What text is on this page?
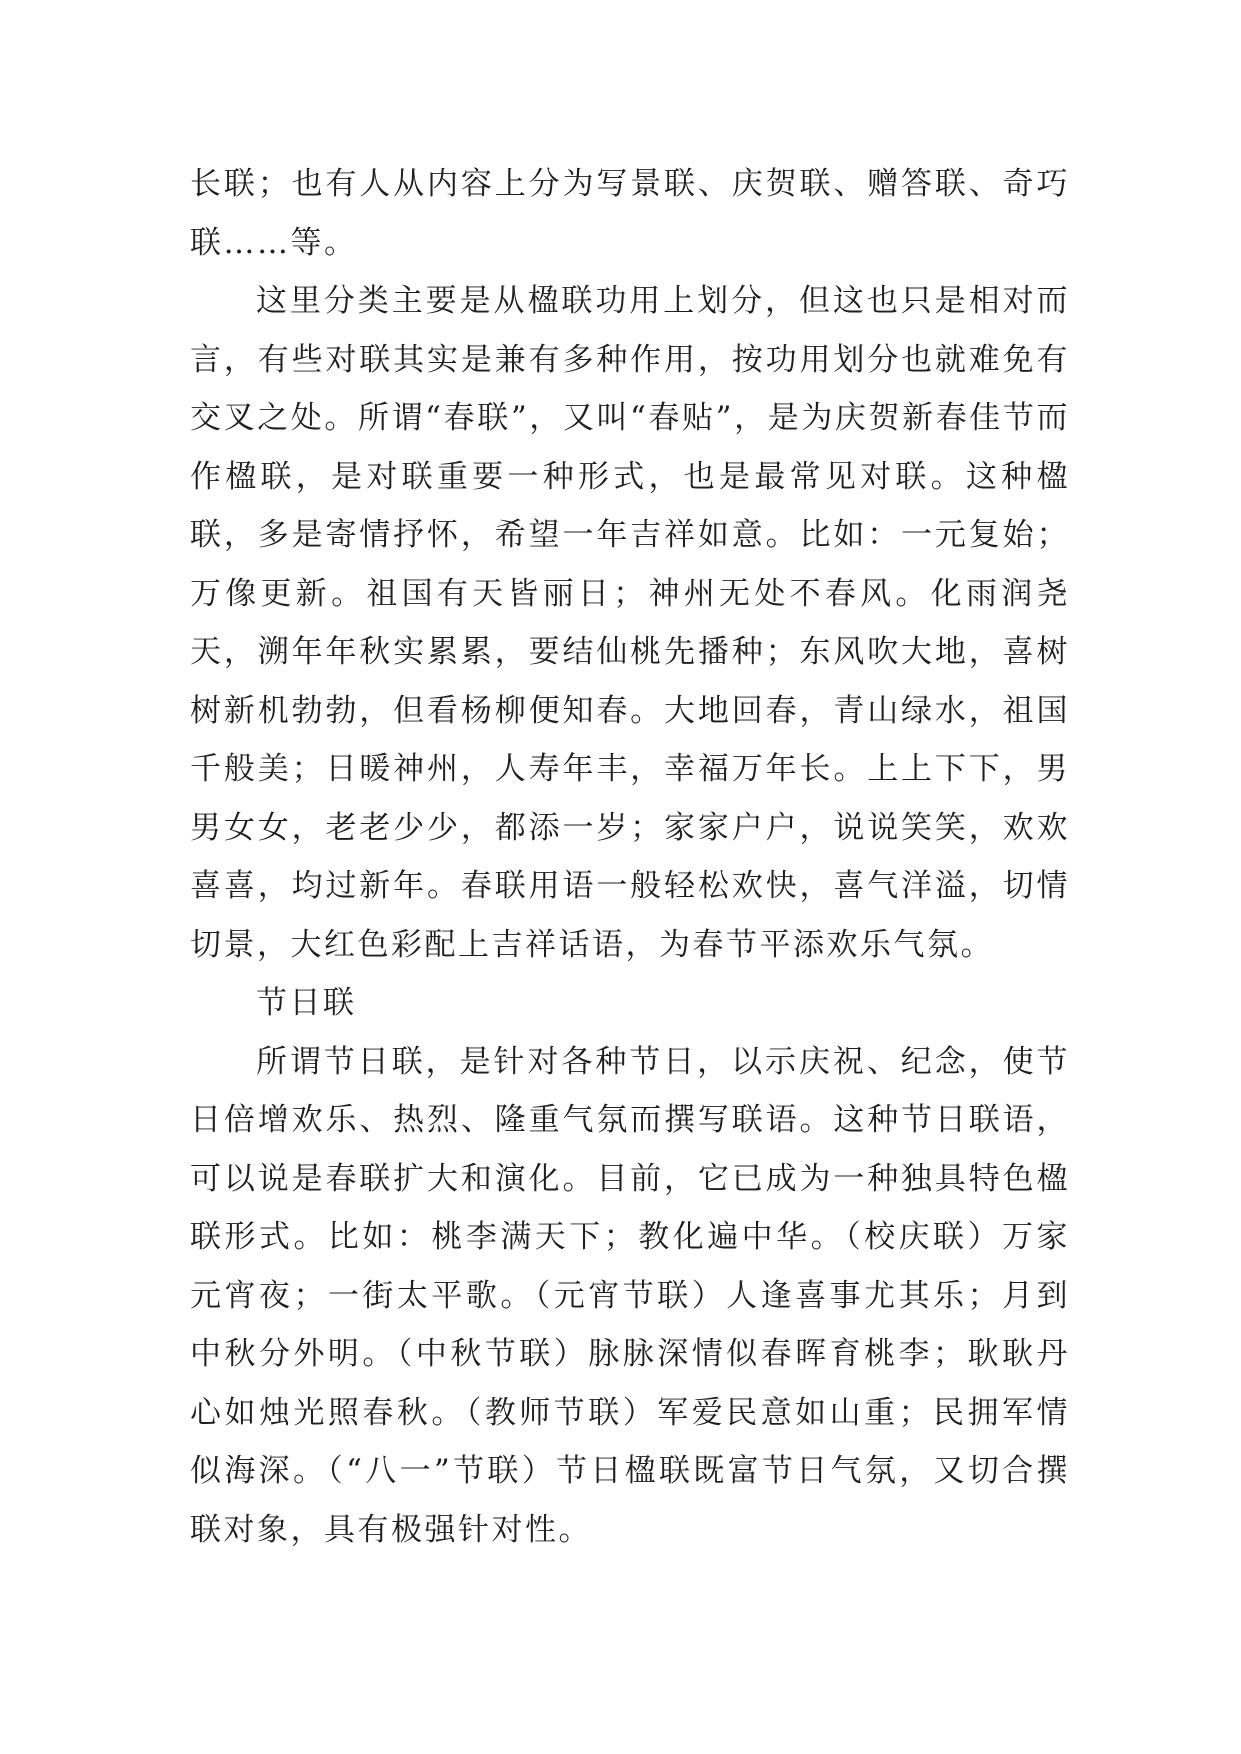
长联；也有人从内容上分为写景联、庆贺联、赠答联、奇巧联……等。

这里分类主要是从楹联功用上划分，但这也只是相对而言，有些对联其实是兼有多种作用，按功用划分也就难免有交叉之处。所谓“春联”，又叫“春贴”，是为庆贺新春佳节而作楹联，是对联重要一种形式，也是最常见对联。这种楹联，多是寄情抒怀，希望一年吉祥如意。比如：一元复始；万像更新。祖国有天皆丽日；神州无处不春风。化雨润尧天，溯年年秋实累累，要结仙桃先播种；东风吹大地，喜树树新机勃勃，但看杨柳便知春。大地回春，青山绿水，祖国千般美；日暖神州，人寿年丰，幸福万年长。上上下下，男男女女，老老少少，都添一岁；家家户户，说说笑笑，欢欢喜喜，均过新年。春联用语一般轻松欢快，喜气洋溢，切情切景，大红色彩配上吉祥话语，为春节平添欢乐气氛。

节日联

所谓节日联，是针对各种节日，以示庆祝、纪念，使节日倍增欢乐、热烈、隆重气氛而撰写联语。这种节日联语，可以说是春联扩大和演化。目前，它已成为一种独具特色楹联形式。比如：桃李满天下；教化遍中华。（校庆联）万家元宵夜；一街太平歌。（元宵节联）人逢喜事尤其乐；月到中秋分外明。（中秋节联）脉脉深情似春晖育桃李；耿耿丹心如烛光照春秋。（教师节联）军爱民意如山重；民拥军情似海深。（“八一”节联）节日楹联既富节日气氛，又切合撰联对象，具有极强针对性。
